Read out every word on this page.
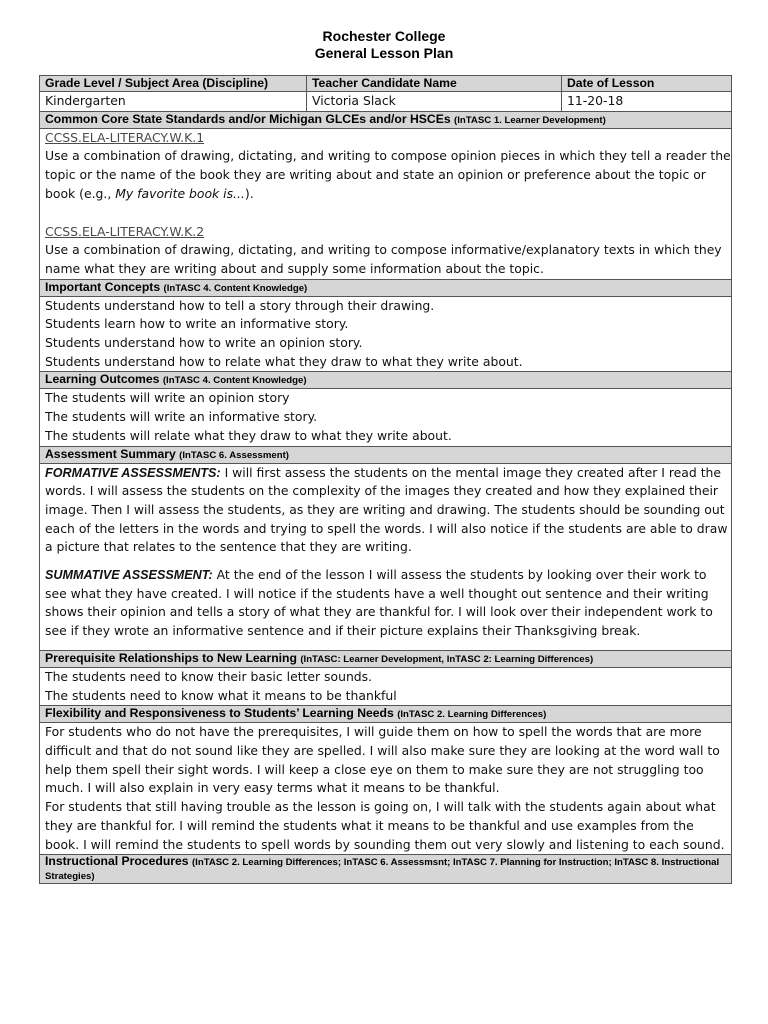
Rochester College
General Lesson Plan
Grade Level / Subject Area (Discipline)	Teacher Candidate Name	Date of Lesson
Kindergarten	Victoria Slack	11-20-18
Common Core State Standards and/or Michigan GLCEs and/or HSCEs (InTASC 1. Learner Development)		

CCSS.ELA-LITERACY.W.K.1

Use a combination of drawing, dictating, and writing to compose opinion pieces in which they tell a reader the topic or the name of the book they are writing about and state an opinion or preference about the topic or book (e.g., My favorite book is...).

CCSS.ELA-LITERACY.W.K.2

Use a combination of drawing, dictating, and writing to compose informative/explanatory texts in which they name what they are writing about and supply some information about the topic.		

Important Concepts (InTASC 4. Content Knowledge)		

Students understand how to tell a story through their drawing.
Students learn how to write an informative story.
Students understand how to write an opinion story.
Students understand how to relate what they draw to what they write about.		

Learning Outcomes (InTASC 4. Content Knowledge)		

The students will write an opinion story
The students will write an informative story.
The students will relate what they draw to what they write about.		

Assessment Summary (InTASC 6. Assessment)		

FORMATIVE ASSESSMENTS: I will first assess the students on the mental image they created after I read the words. I will assess the students on the complexity of the images they created and how they explained their image. Then I will assess the students, as they are writing and drawing. The students should be sounding out each of the letters in the words and trying to spell the words. I will also notice if the students are able to draw a picture that relates to the sentence that they are writing.

SUMMATIVE ASSESSMENT: At the end of the lesson I will assess the students by looking over their work to see what they have created. I will notice if the students have a well thought out sentence and their writing shows their opinion and tells a story of what they are thankful for. I will look over their independent work to see if they wrote an informative sentence and if their picture explains their Thanksgiving break.		

Prerequisite Relationships to New Learning (InTASC: Learner Development, InTASC 2: Learning Differences)		

The students need to know their basic letter sounds.
The students need to know what it means to be thankful		

Flexibility and Responsiveness to Students’ Learning Needs (InTASC 2. Learning Differences)		

For students who do not have the prerequisites, I will guide them on how to spell the words that are more difficult and that do not sound like they are spelled. I will also make sure they are looking at the word wall to help them spell their sight words. I will keep a close eye on them to make sure they are not struggling too much. I will also explain in very easy terms what it means to be thankful.

For students that still having trouble as the lesson is going on, I will talk with the students again about what they are thankful for. I will remind the students what it means to be thankful and use examples from the book. I will remind the students to spell words by sounding them out very slowly and listening to each sound.		

Instructional Procedures (InTASC 2. Learning Differences; InTASC 6. Assessmsnt; InTASC 7. Planning for Instruction; InTASC 8. Instructional Strategies)		
